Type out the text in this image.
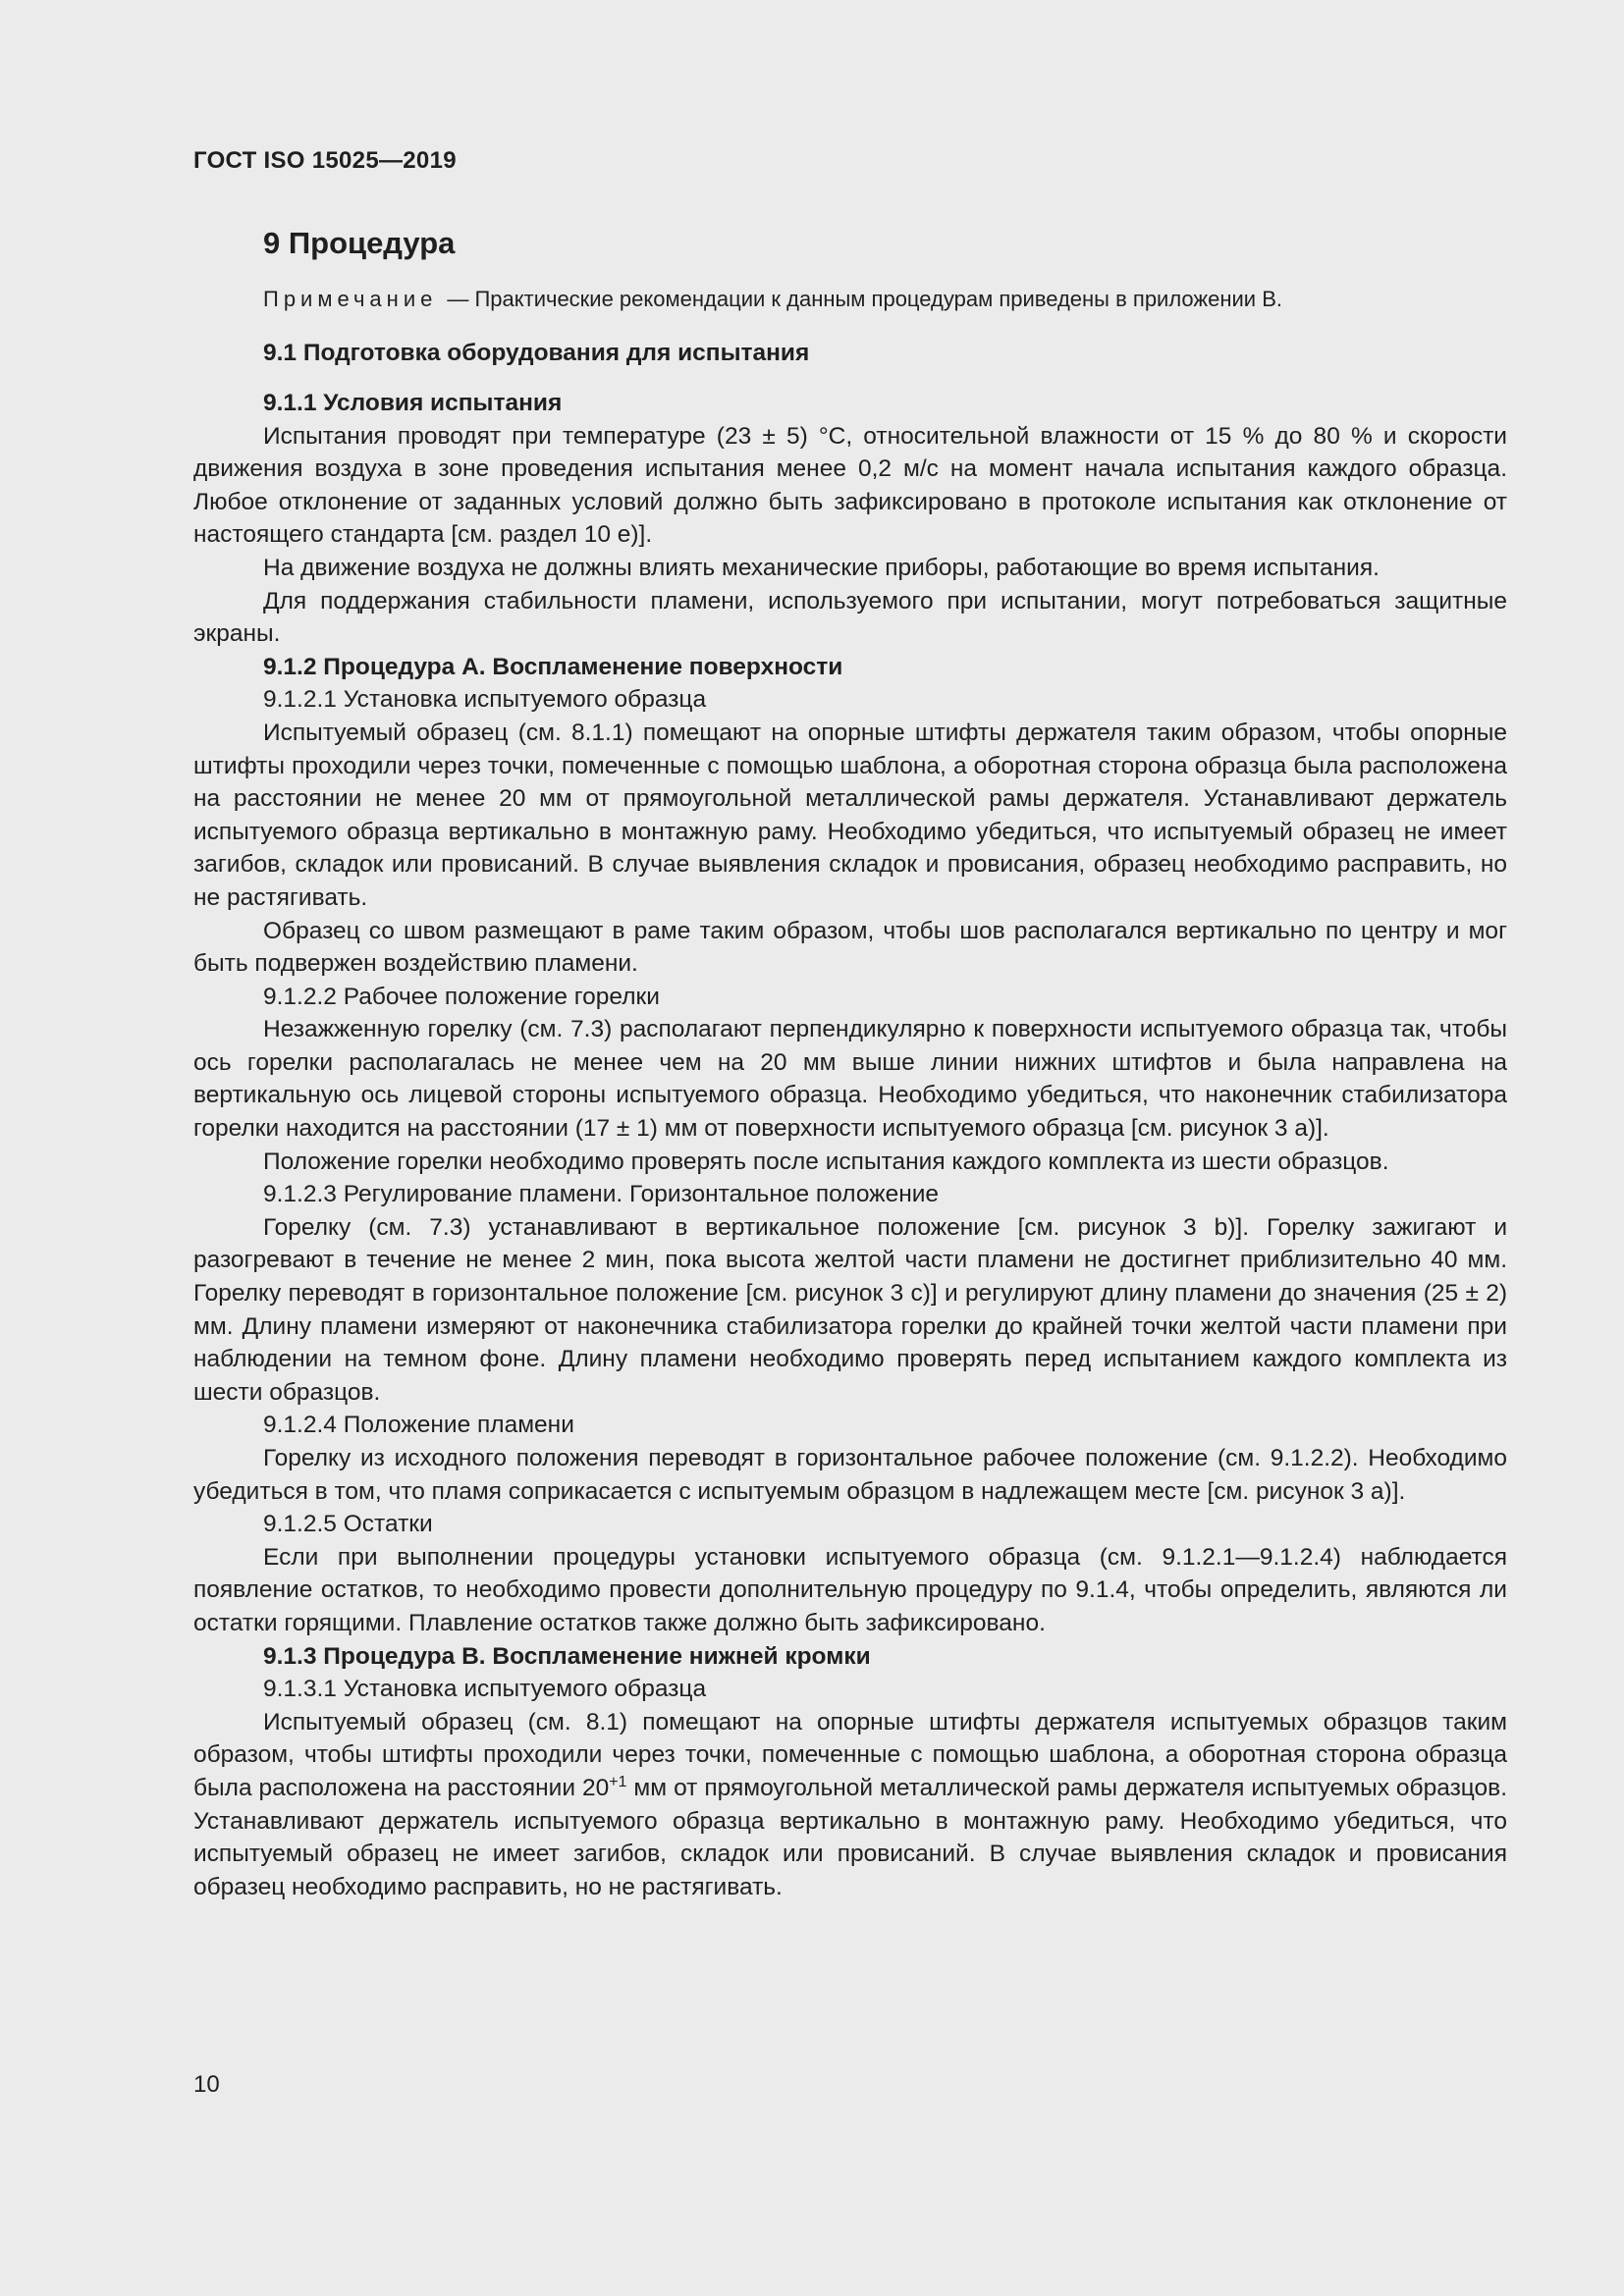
ГОСТ ISO 15025—2019
9 Процедура
Примечание — Практические рекомендации к данным процедурам приведены в приложении В.
9.1 Подготовка оборудования для испытания

9.1.1 Условия испытания

Испытания проводят при температуре (23 ± 5) °С, относительной влажности от 15 % до 80 % и скорости движения воздуха в зоне проведения испытания менее 0,2 м/с на момент начала испытания каждого образца. Любое отклонение от заданных условий должно быть зафиксировано в протоколе испытания как отклонение от настоящего стандарта [см. раздел 10 е)].

На движение воздуха не должны влиять механические приборы, работающие во время испытания.

Для поддержания стабильности пламени, используемого при испытании, могут потребоваться защитные экраны.

9.1.2 Процедура А. Воспламенение поверхности

9.1.2.1 Установка испытуемого образца

Испытуемый образец (см. 8.1.1) помещают на опорные штифты держателя таким образом, чтобы опорные штифты проходили через точки, помеченные с помощью шаблона, а оборотная сторона образца была расположена на расстоянии не менее 20 мм от прямоугольной металлической рамы держателя. Устанавливают держатель испытуемого образца вертикально в монтажную раму. Необходимо убедиться, что испытуемый образец не имеет загибов, складок или провисаний. В случае выявления складок и провисания, образец необходимо расправить, но не растягивать.

Образец со швом размещают в раме таким образом, чтобы шов располагался вертикально по центру и мог быть подвержен воздействию пламени.

9.1.2.2 Рабочее положение горелки

Незажженную горелку (см. 7.3) располагают перпендикулярно к поверхности испытуемого образца так, чтобы ось горелки располагалась не менее чем на 20 мм выше линии нижних штифтов и была направлена на вертикальную ось лицевой стороны испытуемого образца. Необходимо убедиться, что наконечник стабилизатора горелки находится на расстоянии (17 ± 1) мм от поверхности испытуемого образца [см. рисунок 3 а)].

Положение горелки необходимо проверять после испытания каждого комплекта из шести образцов.

9.1.2.3 Регулирование пламени. Горизонтальное положение

Горелку (см. 7.3) устанавливают в вертикальное положение [см. рисунок 3 b)]. Горелку зажигают и разогревают в течение не менее 2 мин, пока высота желтой части пламени не достигнет приблизительно 40 мм. Горелку переводят в горизонтальное положение [см. рисунок 3 с)] и регулируют длину пламени до значения (25 ± 2) мм. Длину пламени измеряют от наконечника стабилизатора горелки до крайней точки желтой части пламени при наблюдении на темном фоне. Длину пламени необходимо проверять перед испытанием каждого комплекта из шести образцов.

9.1.2.4 Положение пламени

Горелку из исходного положения переводят в горизонтальное рабочее положение (см. 9.1.2.2). Необходимо убедиться в том, что пламя соприкасается с испытуемым образцом в надлежащем месте [см. рисунок 3 а)].

9.1.2.5 Остатки

Если при выполнении процедуры установки испытуемого образца (см. 9.1.2.1—9.1.2.4) наблюдается появление остатков, то необходимо провести дополнительную процедуру по 9.1.4, чтобы определить, являются ли остатки горящими. Плавление остатков также должно быть зафиксировано.

9.1.3 Процедура В. Воспламенение нижней кромки

9.1.3.1 Установка испытуемого образца

Испытуемый образец (см. 8.1) помещают на опорные штифты держателя испытуемых образцов таким образом, чтобы штифты проходили через точки, помеченные с помощью шаблона, а оборотная сторона образца была расположена на расстоянии $20^{+1}$ мм от прямоугольной металлической рамы держателя испытуемых образцов. Устанавливают держатель испытуемого образца вертикально в монтажную раму. Необходимо убедиться, что испытуемый образец не имеет загибов, складок или провисаний. В случае выявления складок и провисания образец необходимо расправить, но не растягивать.

10
